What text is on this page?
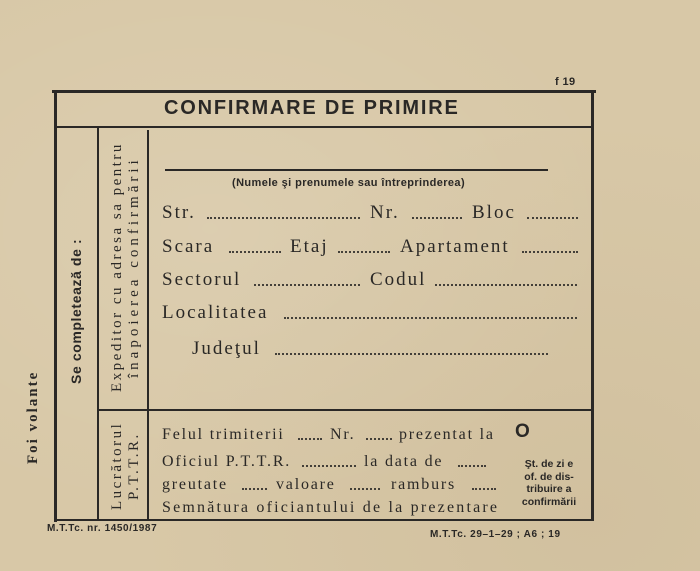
f 19
Foi volante
CONFIRMARE DE PRIMIRE
Se completează de : Expeditor cu adresa sa pentru înapoierea confirmării
Lucrătorul P.T.T.R.
(Numele şi prenumele sau întreprinderea)
Str.	Nr.	Bloc
Scara	Etaj	Apartament
Sectorul	Codul
Localitatea
Judeţul
Felul trimiterii	Nr.	prezentat la O
Oficiul P.T.T.R.	la data de
greutate	valoare	ramburs
Semnătura oficiantului de la prezentare
Şt. de zi e
of. de dis-
tribuire a
confirmării
M.T.Tc. nr. 1450/1987
M.T.Tc. 29–1–29 ; A6 ; 19
